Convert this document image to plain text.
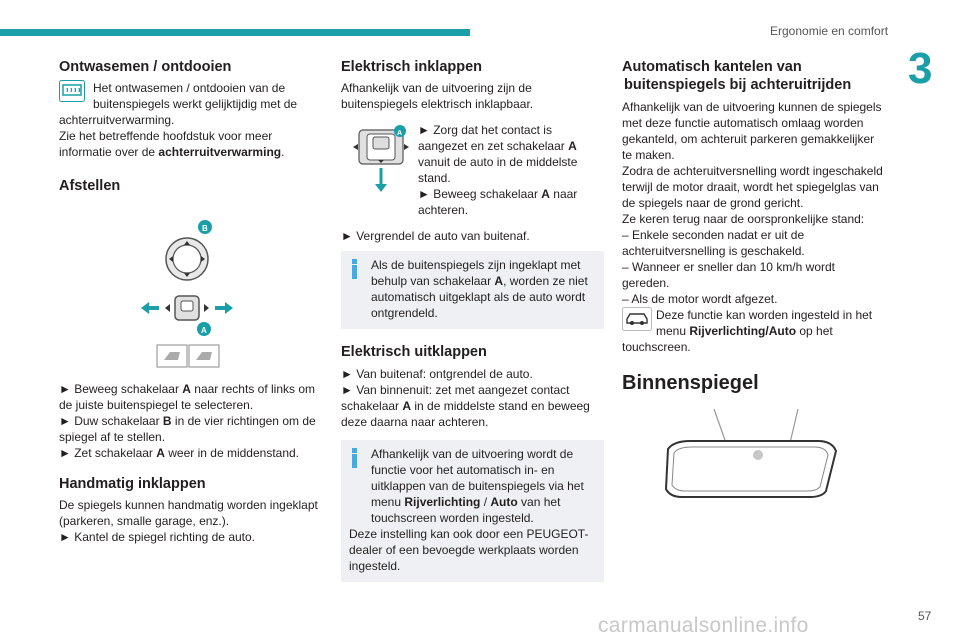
Ergonomie en comfort
3
57
carmanualsonline.info
Ontwasemen / ontdooien

Het ontwasemen / ontdooien van de

buitenspiegels werkt gelijktijdig met de

achterruitverwarming.

Zie het betreffende hoofdstuk voor meer

informatie over de achterruitverwarming.

Afstellen
B
A

► Beweeg schakelaar A naar rechts of links om de juiste buitenspiegel te selecteren.

► Duw schakelaar B in de vier richtingen om de spiegel af te stellen.

► Zet schakelaar A weer in de middenstand.

Handmatig inklappen

De spiegels kunnen handmatig worden ingeklapt (parkeren, smalle garage, enz.).

► Kantel de spiegel richting de auto.

Elektrisch inklappen

Afhankelijk van de uitvoering zijn de buitenspiegels elektrisch inklapbaar.

A ► Zorg dat het contact is aangezet en zet schakelaar A vanuit de auto in de middelste stand.

► Beweeg schakelaar A naar achteren.

► Vergrendel de auto van buitenaf.

Als de buitenspiegels zijn ingeklapt met behulp van schakelaar A, worden ze niet automatisch uitgeklapt als de auto wordt ontgrendeld.

Elektrisch uitklappen

► Van buitenaf: ontgrendel de auto.

► Van binnenuit: zet met aangezet contact schakelaar A in de middelste stand en beweeg deze daarna naar achteren.

Afhankelijk van de uitvoering wordt de functie voor het automatisch in- en uitklappen van de buitenspiegels via het menu Rijverlichting / Auto van het touchscreen worden ingesteld.

Deze instelling kan ook door een PEUGEOT-dealer of een bevoegde werkplaats worden ingesteld.

Automatisch kantelen van
buitenspiegels bij achteruitrijden

Afhankelijk van de uitvoering kunnen de spiegels met deze functie automatisch omlaag worden gekanteld, om achteruit parkeren gemakkelijker te maken.

Zodra de achteruitversnelling wordt ingeschakeld terwijl de motor draait, wordt het spiegelglas van de spiegels naar de grond gericht.

Ze keren terug naar de oorspronkelijke stand:

– Enkele seconden nadat er uit de achteruitversnelling is geschakeld.

– Wanneer er sneller dan 10 km/h wordt gereden.

– Als de motor wordt afgezet.

Deze functie kan worden ingesteld in het menu Rijverlichting/Auto op het touchscreen.

Binnenspiegel
